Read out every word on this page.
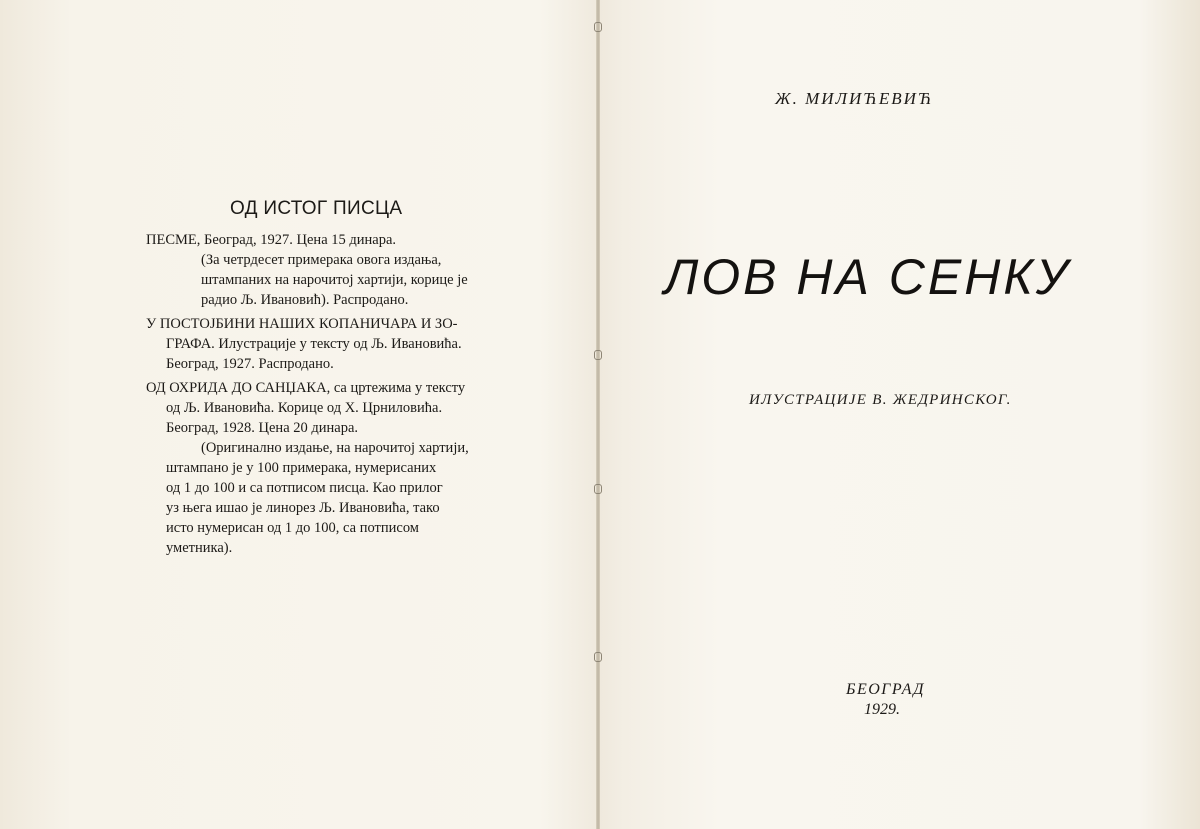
ОД ИСТОГ ПИСЦА
ПЕСМЕ, Београд, 1927. Цена 15 динара.
(За четрдесет примерака овога издања,
штампаних на нарочитој хартији, корице је
радио Љ. Ивановић). Распродано.
У ПОСТОЈБИНИ НАШИХ КОПАНИЧАРА И ЗО-
ГРАФА. Илустрације у тексту од Љ. Ивановића.
Београд, 1927. Распродано.
ОД ОХРИДА ДО САНЏАКА, са цртежима у тексту
од Љ. Ивановића. Корице од Х. Црниловића.
Београд, 1928. Цена 20 динара.
(Оригинално издање, на нарочитој хартији,
штампано је у 100 примерака, нумерисаних
од 1 до 100 и са потписом писца. Као прилог
уз њега ишао је линорез Љ. Ивановића, тако
исто нумерисан од 1 до 100, са потписом
уметника).
Ж. МИЛИЋЕВИЋ
ЛОВ НА СЕНКУ
ИЛУСТРАЦИЈЕ В. ЖЕДРИНСКОГ.
БЕОГРАД
1929.
